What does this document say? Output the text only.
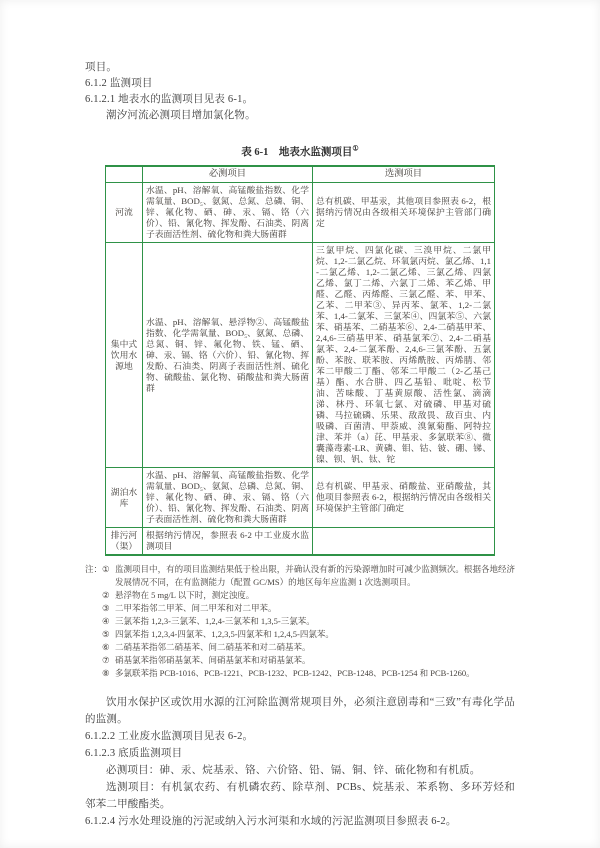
项目。
6.1.2 监测项目
6.1.2.1 地表水的监测项目见表 6-1。
潮汐河流必测项目增加氯化物。
表 6-1　地表水监测项目①
	必测项目	选测项目
河流	水温、pH、溶解氧、高锰酸盐指数、化学需氧量、BOD₅、氨氮、总氮、总磷、铜、锌、氟化物、硒、砷、汞、镉、铬（六价）、铅、氰化物、挥发酚、石油类、阴离子表面活性剂、硫化物和粪大肠菌群	总有机碳、甲基汞，其他项目参照表 6-2，根据纳污情况由各级相关环境保护主管部门确定
集中式饮用水源地	水温、pH、溶解氧、悬浮物②、高锰酸盐指数、化学需氧量、BOD₅、氨氮、总磷、总氮、铜、锌、氟化物、铁、锰、硒、砷、汞、镉、铬（六价）、铅、氰化物、挥发酚、石油类、阴离子表面活性剂、硫化物、硫酸盐、氯化物、硝酸盐和粪大肠菌群	三氯甲烷、四氯化碳、三溴甲烷、二氯甲烷、1,2-二氯乙烷、环氧氯丙烷、氯乙烯、1,1-二氯乙烯、1,2-二氯乙烯、三氯乙烯、四氯乙烯、氯丁二烯、六氯丁二烯、苯乙烯、甲醛、乙醛、丙烯醛、三氯乙醛、苯、甲苯、乙苯、二甲苯③、异丙苯、氯苯、1,2-二氯苯、1,4-二氯苯、三氯苯④、四氯苯⑤、六氯苯、硝基苯、二硝基苯⑥、2,4-二硝基甲苯、2,4,6-三硝基甲苯、硝基氯苯⑦、2,4-二硝基氯苯、2,4-二氯苯酚、2,4,6-三氯苯酚、五氯酚、苯胺、联苯胺、丙烯酰胺、丙烯腈、邻苯二甲酸二丁酯、邻苯二甲酸二（2-乙基己基）酯、水合肼、四乙基铅、吡啶、松节油、苦味酸、丁基黄原酸、活性氯、滴滴涕、林丹、环氧七氯、对硫磷、甲基对硫磷、马拉硫磷、乐果、敌敌畏、敌百虫、内吸磷、百菌清、甲萘威、溴氰菊酯、阿特拉津、苯并（a）芘、甲基汞、多氯联苯⑧、微囊藻毒素-LR、黄磷、钼、钴、铍、硼、锑、镍、钡、钒、钛、铊
湖泊水库	水温、pH、溶解氧、高锰酸盐指数、化学需氧量、BOD₅、氨氮、总磷、总氮、铜、锌、氟化物、硒、砷、汞、镉、铬（六价）、铅、氰化物、挥发酚、石油类、阴离子表面活性剂、硫化物和粪大肠菌群	总有机碳、甲基汞、硝酸盐、亚硝酸盐，其他项目参照表 6-2，根据纳污情况由各级相关环境保护主管部门确定
排污河（渠）	根据纳污情况，参照表 6-2 中工业废水监测项目	
注： ① 监测项目中，有的项目监测结果低于检出限，并确认没有新的污染源增加时可减少监测频次。根据各地经济发展情况不同，在有监测能力（配置 GC/MS）的地区每年应监测 1 次选测项目。
② 悬浮物在 5 mg/L 以下时，测定浊度。
③ 二甲苯指邻二甲苯、间二甲苯和对二甲苯。
④ 三氯苯指 1,2,3-三氯苯、1,2,4-三氯苯和 1,3,5-三氯苯。
⑤ 四氯苯指 1,2,3,4-四氯苯、1,2,3,5-四氯苯和 1,2,4,5-四氯苯。
⑥ 二硝基苯指邻二硝基苯、间二硝基苯和对二硝基苯。
⑦ 硝基氯苯指邻硝基氯苯、间硝基氯苯和对硝基氯苯。
⑧ 多氯联苯指 PCB-1016、PCB-1221、PCB-1232、PCB-1242、PCB-1248、PCB-1254 和 PCB-1260。
饮用水保护区或饮用水源的江河除监测常规项目外，必须注意剧毒和“三致”有毒化学品的监测。
6.1.2.2 工业废水监测项目见表 6-2。
6.1.2.3 底质监测项目
必测项目：砷、汞、烷基汞、铬、六价铬、铅、镉、铜、锌、硫化物和有机质。
选测项目：有机氯农药、有机磷农药、除草剂、PCBs、烷基汞、苯系物、多环芳烃和邻苯二甲酸酯类。
6.1.2.4 污水处理设施的污泥或纳入污水河渠和水域的污泥监测项目参照表 6-2。
